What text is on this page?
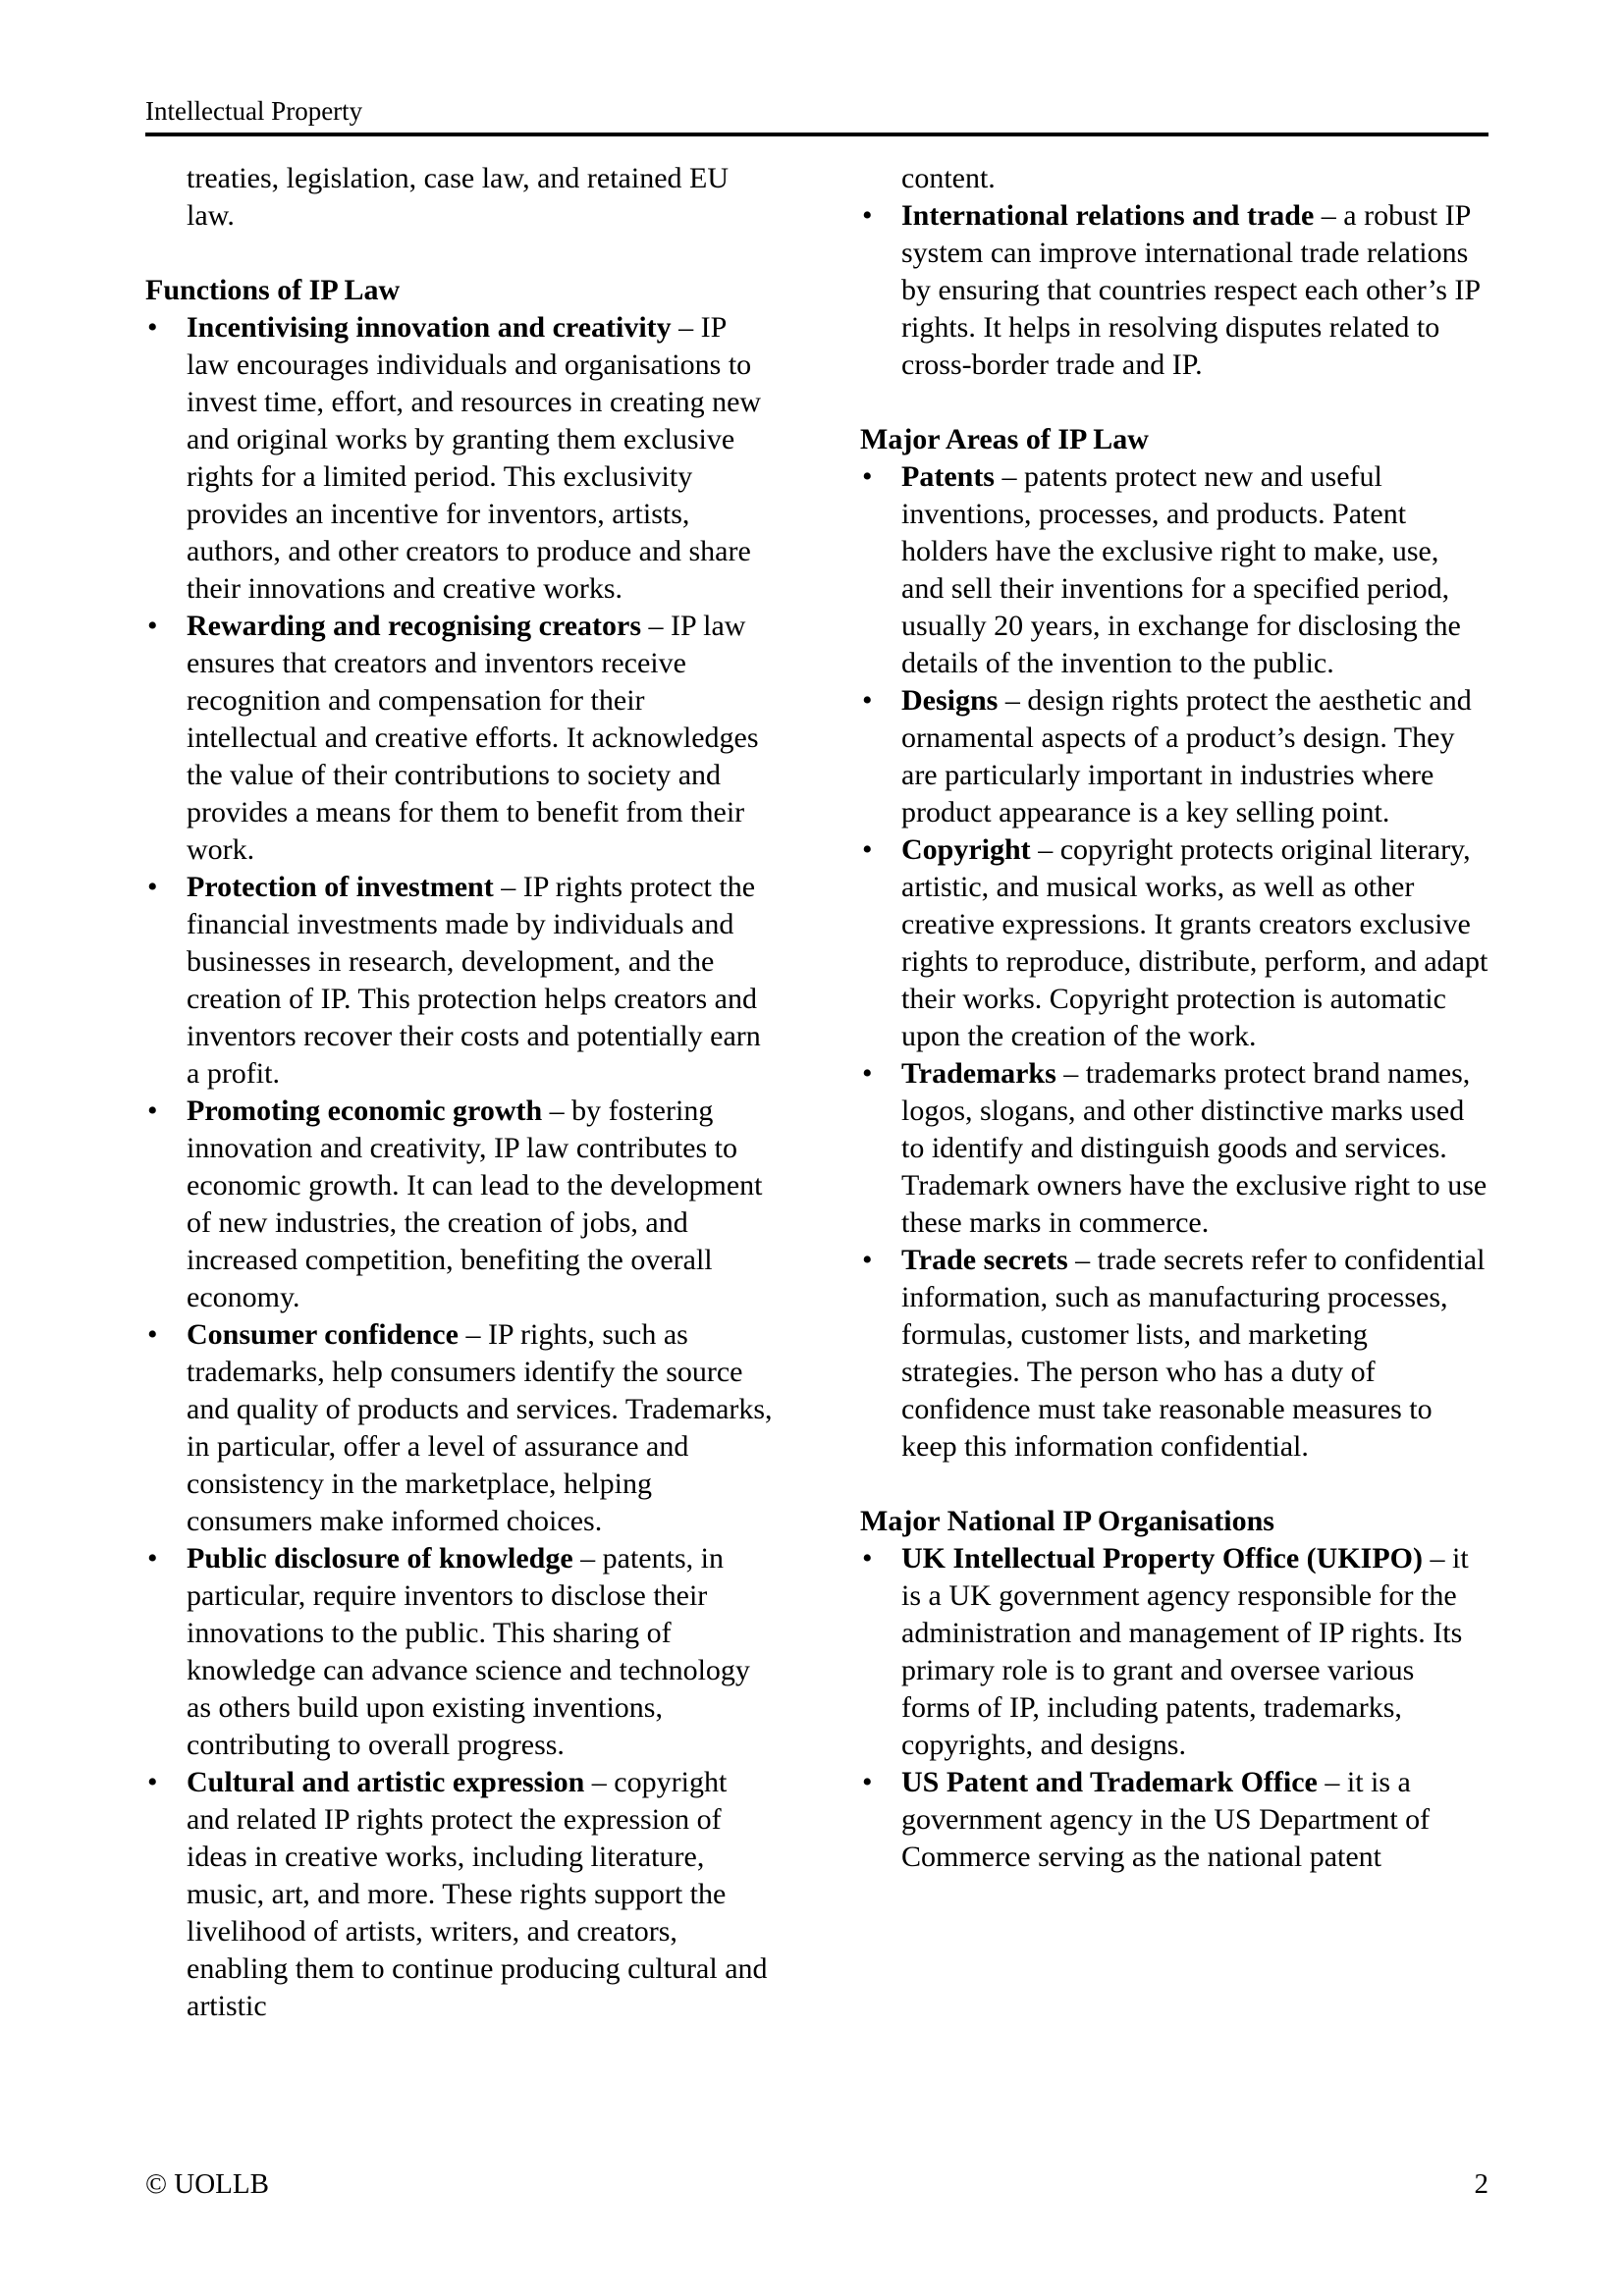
Intellectual Property

treaties, legislation, case law, and retained EU law.

Functions of IP Law
• Incentivising innovation and creativity – IP law encourages individuals and organisations to invest time, effort, and resources in creating new and original works by granting them exclusive rights for a limited period. This exclusivity provides an incentive for inventors, artists, authors, and other creators to produce and share their innovations and creative works.
• Rewarding and recognising creators – IP law ensures that creators and inventors receive recognition and compensation for their intellectual and creative efforts. It acknowledges the value of their contributions to society and provides a means for them to benefit from their work.
• Protection of investment – IP rights protect the financial investments made by individuals and businesses in research, development, and the creation of IP. This protection helps creators and inventors recover their costs and potentially earn a profit.
• Promoting economic growth – by fostering innovation and creativity, IP law contributes to economic growth. It can lead to the development of new industries, the creation of jobs, and increased competition, benefiting the overall economy.
• Consumer confidence – IP rights, such as trademarks, help consumers identify the source and quality of products and services. Trademarks, in particular, offer a level of assurance and consistency in the marketplace, helping consumers make informed choices.
• Public disclosure of knowledge – patents, in particular, require inventors to disclose their innovations to the public. This sharing of knowledge can advance science and technology as others build upon existing inventions, contributing to overall progress.
• Cultural and artistic expression – copyright and related IP rights protect the expression of ideas in creative works, including literature, music, art, and more. These rights support the livelihood of artists, writers, and creators, enabling them to continue producing cultural and artistic

content.

• International relations and trade – a robust IP system can improve international trade relations by ensuring that countries respect each other’s IP rights. It helps in resolving disputes related to cross-border trade and IP.
Major Areas of IP Law
• Patents – patents protect new and useful inventions, processes, and products. Patent holders have the exclusive right to make, use, and sell their inventions for a specified period, usually 20 years, in exchange for disclosing the details of the invention to the public.
• Designs – design rights protect the aesthetic and ornamental aspects of a product’s design. They are particularly important in industries where product appearance is a key selling point.
• Copyright – copyright protects original literary, artistic, and musical works, as well as other creative expressions. It grants creators exclusive rights to reproduce, distribute, perform, and adapt their works. Copyright protection is automatic upon the creation of the work.
• Trademarks – trademarks protect brand names, logos, slogans, and other distinctive marks used to identify and distinguish goods and services. Trademark owners have the exclusive right to use these marks in commerce.
• Trade secrets – trade secrets refer to confidential information, such as manufacturing processes, formulas, customer lists, and marketing strategies. The person who has a duty of confidence must take reasonable measures to keep this information confidential.
Major National IP Organisations
• UK Intellectual Property Office (UKIPO) – it is a UK government agency responsible for the administration and management of IP rights. Its primary role is to grant and oversee various forms of IP, including patents, trademarks, copyrights, and designs.
• US Patent and Trademark Office – it is a government agency in the US Department of Commerce serving as the national patent
© UOLLB	2
